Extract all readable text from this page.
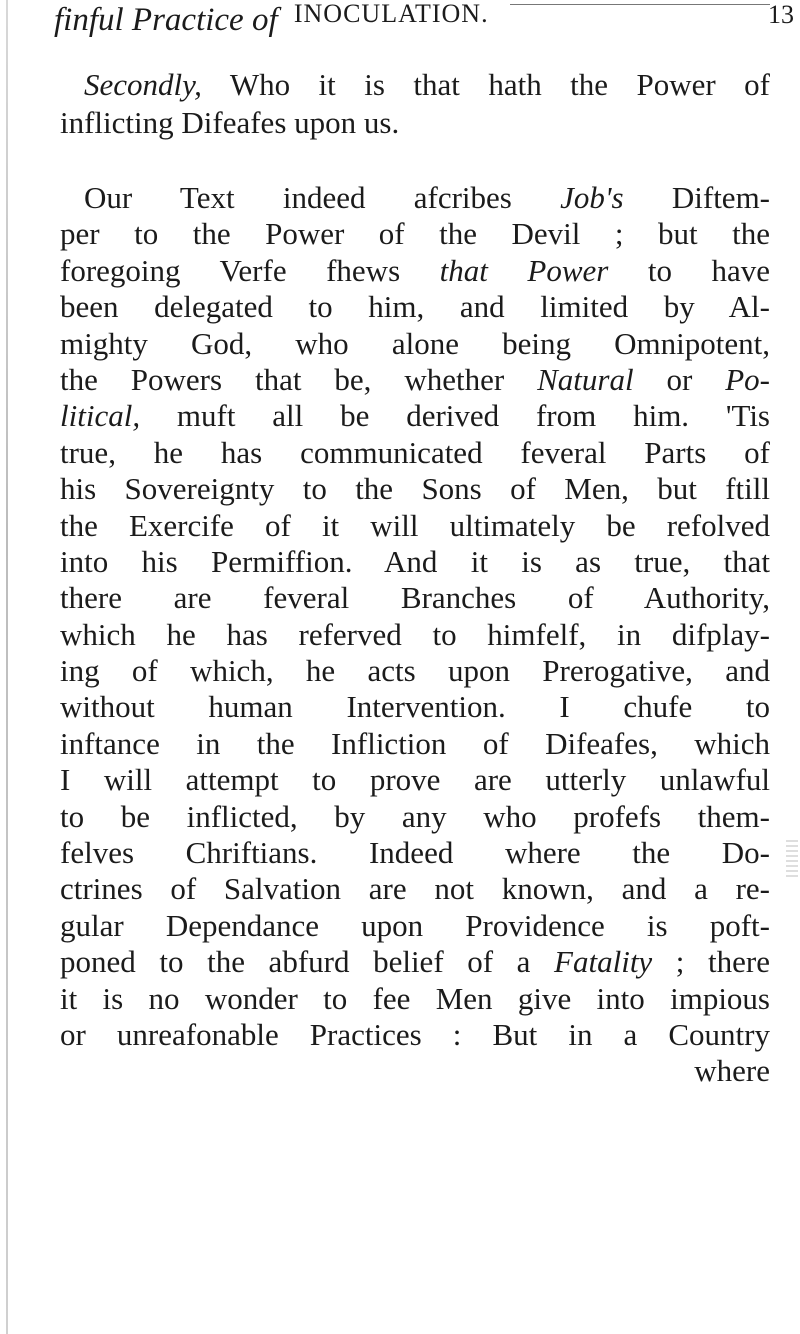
finful Practice of INOCULATION.	13
Secondly, Who it is that hath the Power of
inflicting Difeafes upon us.
Our Text indeed afcribes Job's Diftem-
per to the Power of the Devil ; but the
foregoing Verfe fhews that Power to have
been delegated to him, and limited by Al-
mighty God, who alone being Omnipotent,
the Powers that be, whether Natural or Po-
litical, muft all be derived from him. 'Tis
true, he has communicated feveral Parts of
his Sovereignty to the Sons of Men, but ftill
the Exercife of it will ultimately be refolved
into his Permiffion. And it is as true, that
there are feveral Branches of Authority,
which he has referved to himfelf, in difplay-
ing of which, he acts upon Prerogative, and
without human Intervention. I chufe to
inftance in the Infliction of Difeafes, which
I will attempt to prove are utterly unlawful
to be inflicted, by any who profefs them-
felves Chriftians. Indeed where the Do-
ctrines of Salvation are not known, and a re-
gular Dependance upon Providence is poft-
poned to the abfurd belief of a Fatality ; there
it is no wonder to fee Men give into impious
or unreafonable Practices : But in a Country
where
